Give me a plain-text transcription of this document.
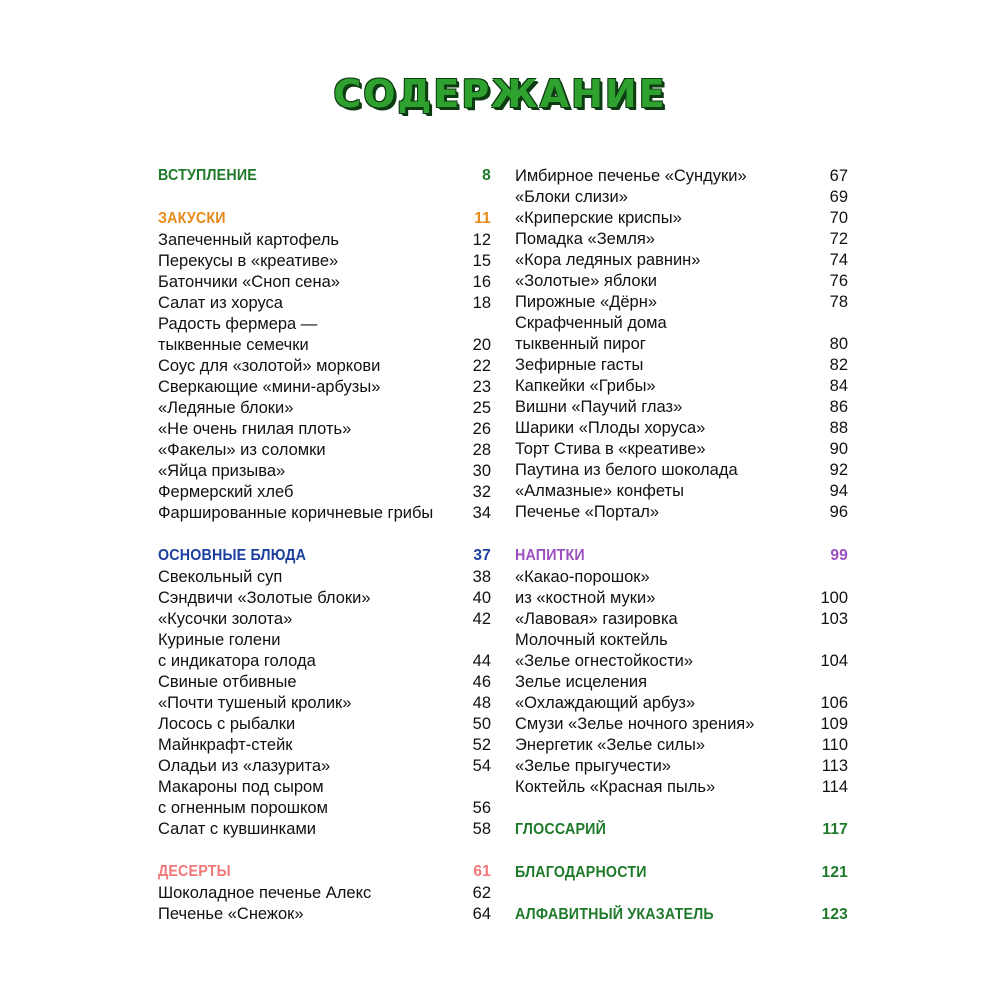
СОДЕРЖАНИЕ
ВСТУПЛЕНИЕ	8
ЗАКУСКИ	11
Запеченный картофель	12
Перекусы в «креативе»	15
Батончики «Сноп сена»	16
Салат из хоруса	18
Радость фермера —
тыквенные семечки	20
Соус для «золотой» моркови	22
Сверкающие «мини-арбузы»	23
«Ледяные блоки»	25
«Не очень гнилая плоть»	26
«Факелы» из соломки	28
«Яйца призыва»	30
Фермерский хлеб	32
Фаршированные коричневые грибы 34
ОСНОВНЫЕ БЛЮДА	37
Свекольный суп	38
Сэндвичи «Золотые блоки»	40
«Кусочки золота»	42
Куриные голени
с индикатора голода	44
Свиные отбивные	46
«Почти тушеный кролик»	48
Лосось с рыбалки	50
Майнкрафт-стейк	52
Оладьи из «лазурита»	54
Макароны под сыром
с огненным порошком	56
Салат с кувшинками	58
ДЕСЕРТЫ	61
Шоколадное печенье Алекс	62
Печенье «Снежок»	64
Имбирное печенье «Сундуки»	67
«Блоки слизи»	69
«Криперские криспы»	70
Помадка «Земля»	72
«Кора ледяных равнин»	74
«Золотые» яблоки	76
Пирожные «Дёрн»	78
Скрафченный дома
тыквенный пирог	80
Зефирные гасты	82
Капкейки «Грибы»	84
Вишни «Паучий глаз»	86
Шарики «Плоды хоруса»	88
Торт Стива в «креативе»	90
Паутина из белого шоколада	92
«Алмазные» конфеты	94
Печенье «Портал»	96
НАПИТКИ	99
«Какао-порошок»
из «костной муки»	100
«Лавовая» газировка	103
Молочный коктейль
«Зелье огнестойкости»	104
Зелье исцеления
«Охлаждающий арбуз»	106
Смузи «Зелье ночного зрения»	109
Энергетик «Зелье силы»	110
«Зелье прыгучести»	113
Коктейль «Красная пыль»	114
ГЛОССАРИЙ	117
БЛАГОДАРНОСТИ	121
АЛФАВИТНЫЙ УКАЗАТЕЛЬ	123
